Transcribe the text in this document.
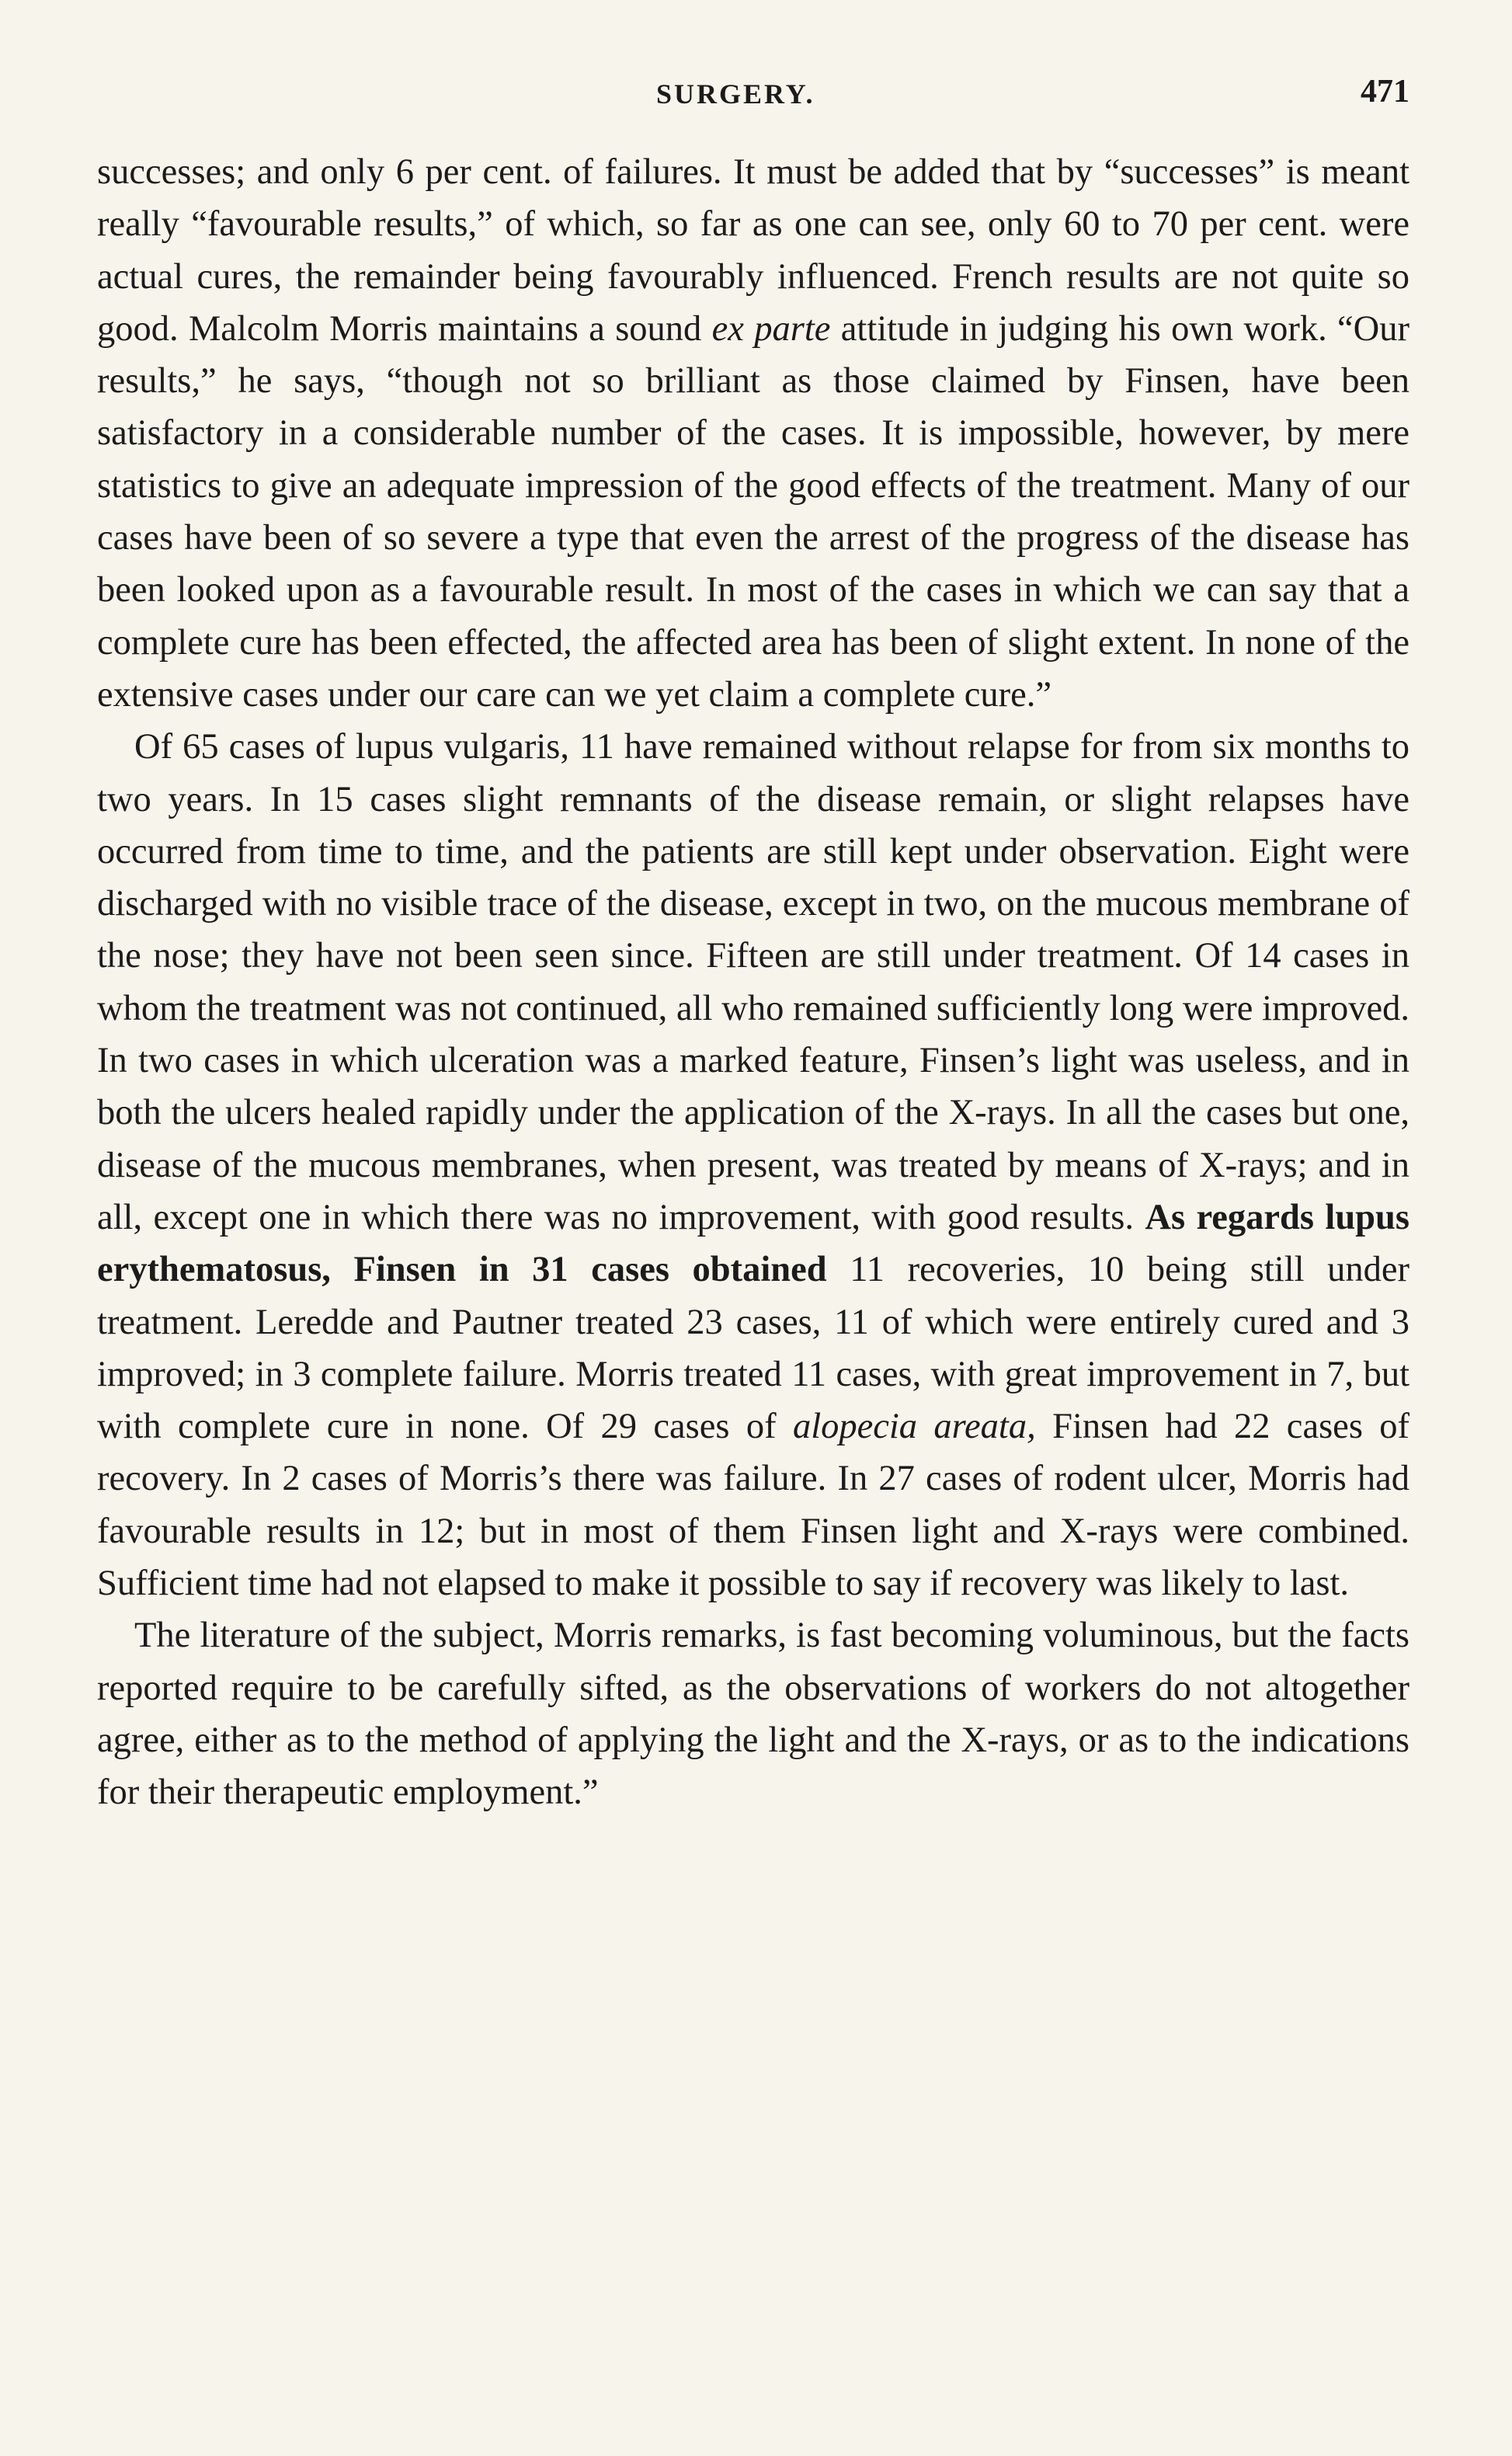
SURGERY.	471

successes; and only 6 per cent. of failures. It must be added that by “successes” is meant really “favourable results,” of which, so far as one can see, only 60 to 70 per cent. were actual cures, the remainder being favourably influenced. French results are not quite so good. Malcolm Morris maintains a sound ex parte attitude in judging his own work. “Our results,” he says, “though not so brilliant as those claimed by Finsen, have been satisfactory in a considerable number of the cases. It is impossible, however, by mere statistics to give an adequate impression of the good effects of the treatment. Many of our cases have been of so severe a type that even the arrest of the progress of the disease has been looked upon as a favourable result. In most of the cases in which we can say that a complete cure has been effected, the affected area has been of slight extent. In none of the extensive cases under our care can we yet claim a complete cure.”

Of 65 cases of lupus vulgaris, 11 have remained without relapse for from six months to two years. In 15 cases slight remnants of the disease remain, or slight relapses have occurred from time to time, and the patients are still kept under observation. Eight were discharged with no visible trace of the disease, except in two, on the mucous membrane of the nose; they have not been seen since. Fifteen are still under treatment. Of 14 cases in whom the treatment was not continued, all who remained sufficiently long were improved. In two cases in which ulceration was a marked feature, Finsen’s light was useless, and in both the ulcers healed rapidly under the application of the X-rays. In all the cases but one, disease of the mucous membranes, when present, was treated by means of X-rays; and in all, except one in which there was no improvement, with good results. As regards lupus erythematosus, Finsen in 31 cases obtained 11 recoveries, 10 being still under treatment. Leredde and Pautner treated 23 cases, 11 of which were entirely cured and 3 improved; in 3 complete failure. Morris treated 11 cases, with great improvement in 7, but with complete cure in none. Of 29 cases of alopecia areata, Finsen had 22 cases of recovery. In 2 cases of Morris’s there was failure. In 27 cases of rodent ulcer, Morris had favourable results in 12; but in most of them Finsen light and X-rays were combined. Sufficient time had not elapsed to make it possible to say if recovery was likely to last.

The literature of the subject, Morris remarks, is fast becoming voluminous, but the facts reported require to be carefully sifted, as the observations of workers do not altogether agree, either as to the method of applying the light and the X-rays, or as to the indications for their therapeutic employment.”
